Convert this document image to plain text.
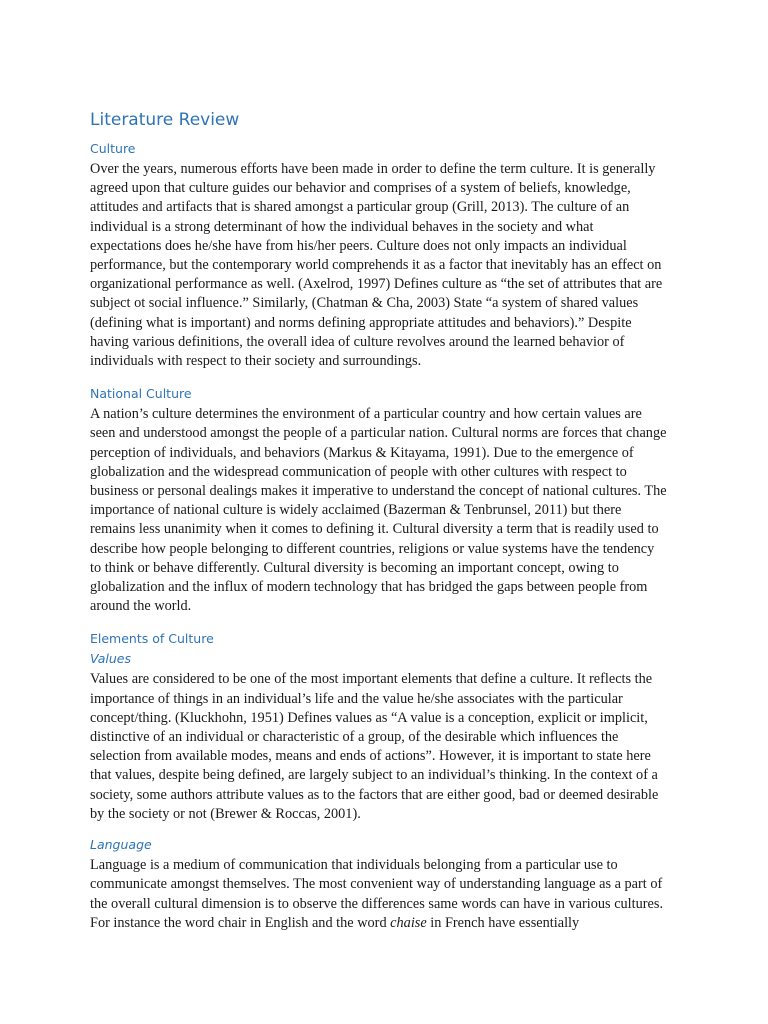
Literature Review
Culture

Over the years, numerous efforts have been made in order to define the term culture. It is generally agreed upon that culture guides our behavior and comprises of a system of beliefs, knowledge, attitudes and artifacts that is shared amongst a particular group (Grill, 2013). The culture of an individual is a strong determinant of how the individual behaves in the society and what expectations does he/she have from his/her peers. Culture does not only impacts an individual performance, but the contemporary world comprehends it as a factor that inevitably has an effect on organizational performance as well. (Axelrod, 1997) Defines culture as “the set of attributes that are subject ot social influence.” Similarly, (Chatman & Cha, 2003) State “a system of shared values (defining what is important) and norms defining appropriate attitudes and behaviors).” Despite having various definitions, the overall idea of culture revolves around the learned behavior of individuals with respect to their society and surroundings.

National Culture

A nation’s culture determines the environment of a particular country and how certain values are seen and understood amongst the people of a particular nation. Cultural norms are forces that change perception of individuals, and behaviors (Markus & Kitayama, 1991). Due to the emergence of globalization and the widespread communication of people with other cultures with respect to business or personal dealings makes it imperative to understand the concept of national cultures. The importance of national culture is widely acclaimed (Bazerman & Tenbrunsel, 2011) but there remains less unanimity when it comes to defining it. Cultural diversity a term that is readily used to describe how people belonging to different countries, religions or value systems have the tendency to think or behave differently. Cultural diversity is becoming an important concept, owing to globalization and the influx of modern technology that has bridged the gaps between people from around the world.

Elements of Culture
Values

Values are considered to be one of the most important elements that define a culture. It reflects the importance of things in an individual’s life and the value he/she associates with the particular concept/thing. (Kluckhohn, 1951) Defines values as “A value is a conception, explicit or implicit, distinctive of an individual or characteristic of a group, of the desirable which influences the selection from available modes, means and ends of actions”. However, it is important to state here that values, despite being defined, are largely subject to an individual’s thinking. In the context of a society, some authors attribute values as to the factors that are either good, bad or deemed desirable by the society or not (Brewer & Roccas, 2001).

Language

Language is a medium of communication that individuals belonging from a particular use to communicate amongst themselves. The most convenient way of understanding language as a part of the overall cultural dimension is to observe the differences same words can have in various cultures. For instance the word chair in English and the word chaise in French have essentially
